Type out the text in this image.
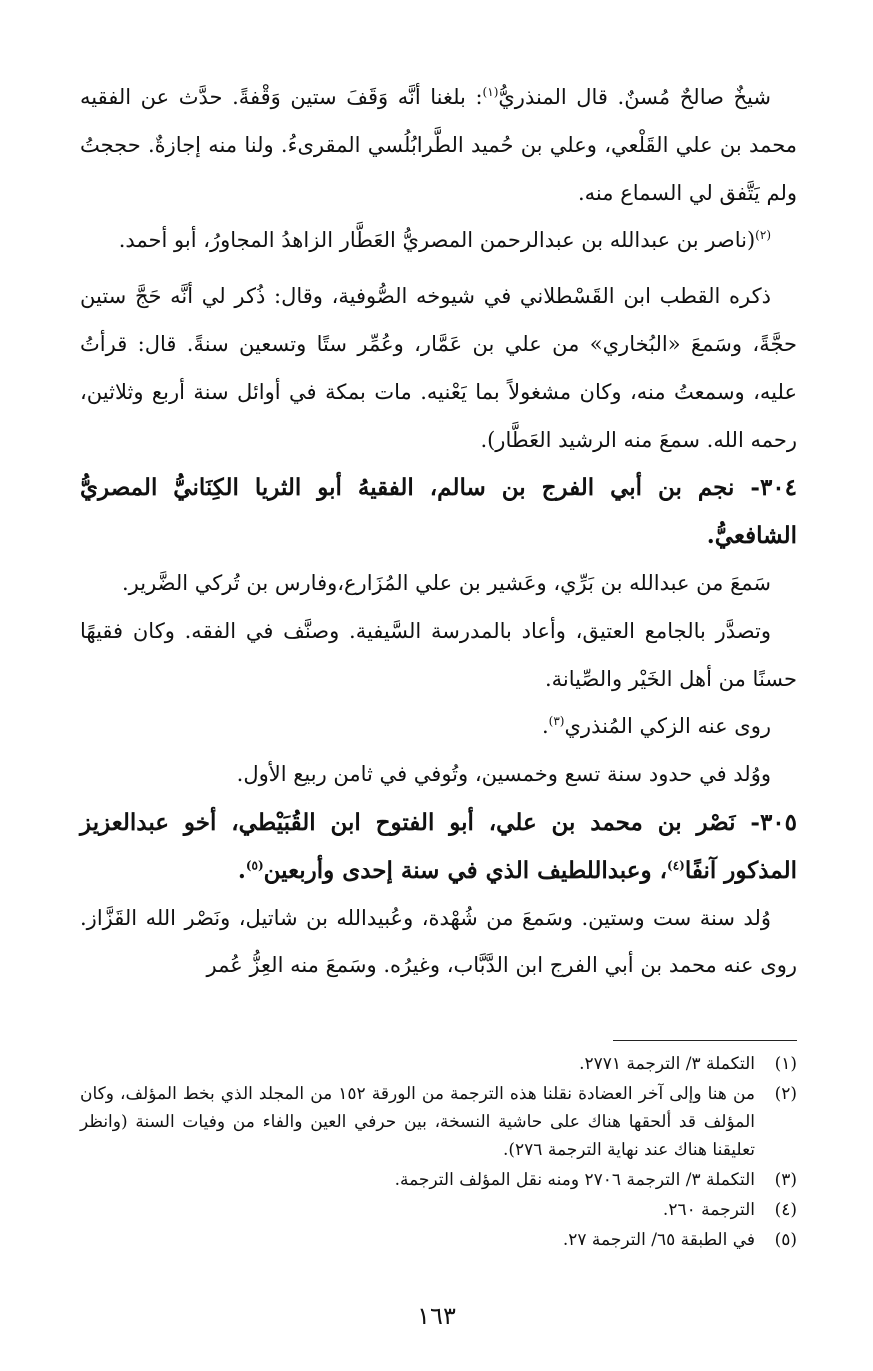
شيخٌ صالحٌ مُسنٌ. قال المنذريُّ$^{(١)}$: بلغنا أنَّه وَقَفَ ستين وَقْفةً. حدَّث عن الفقيه محمد بن علي القَلْعي، وعلي بن حُميد الطَّرابُلُسي المقرىءُ. ولنا منه إجازةٌ. حججتُ ولم يَتَّفق لي السماع منه.

$^{(٢)}$(ناصر بن عبدالله بن عبدالرحمن المصريُّ العَطَّار الزاهدُ المجاورُ، أبو أحمد.

ذكره القطب ابن القَسْطلاني في شيوخه الصُّوفية، وقال: ذُكر لي أنَّه حَجَّ ستين حجَّةً، وسَمعَ «البُخاري» من علي بن عَمَّار، وعُمِّر ستًا وتسعين سنةً. قال: قرأتُ عليه، وسمعتُ منه، وكان مشغولاً بما يَعْنيه. مات بمكة في أوائل سنة أربع وثلاثين، رحمه الله. سمعَ منه الرشيد العَطَّار).

٣٠٤- نجم بن أبي الفرج بن سالم، الفقيهُ أبو الثريا الكِنَانيُّ المصريُّ الشافعيُّ.

سَمعَ من عبدالله بن بَرِّي، وعَشير بن علي المُزَارع،وفارس بن تُركي الضَّرير.

وتصدَّر بالجامع العتيق، وأعاد بالمدرسة السَّيفية. وصنَّف في الفقه. وكان فقيهًا حسنًا من أهل الخَيْر والصِّيانة.

روى عنه الزكي المُنذري$^{(٣)}$.

ووُلد في حدود سنة تسع وخمسين، وتُوفي في ثامن ربيع الأول.

٣٠٥- نَصْر بن محمد بن علي، أبو الفتوح ابن القُبَيْطي، أخو عبدالعزيز المذكور آنفًا$^{(٤)}$، وعبداللطيف الذي في سنة إحدى وأربعين$^{(٥)}$.

وُلد سنة ست وستين. وسَمعَ من شُهْدة، وعُبيدالله بن شاتيل، ونَصْر الله القَزَّاز. روى عنه محمد بن أبي الفرج ابن الدَّبَّاب، وغيرُه. وسَمعَ منه العِزُّ عُمر

(١)
التكملة ٣/ الترجمة ٢٧٧١.
(٢)
من هنا وإلى آخر العضادة نقلنا هذه الترجمة من الورقة ١٥٢ من المجلد الذي بخط المؤلف، وكان المؤلف قد ألحقها هناك على حاشية النسخة، بين حرفي العين والفاء من وفيات السنة (وانظر تعليقنا هناك عند نهاية الترجمة ٢٧٦).
(٣)
التكملة ٣/ الترجمة ٢٧٠٦ ومنه نقل المؤلف الترجمة.
(٤)
الترجمة ٢٦٠.
(٥)
في الطبقة ٦٥/ الترجمة ٢٧.
١٦٣
